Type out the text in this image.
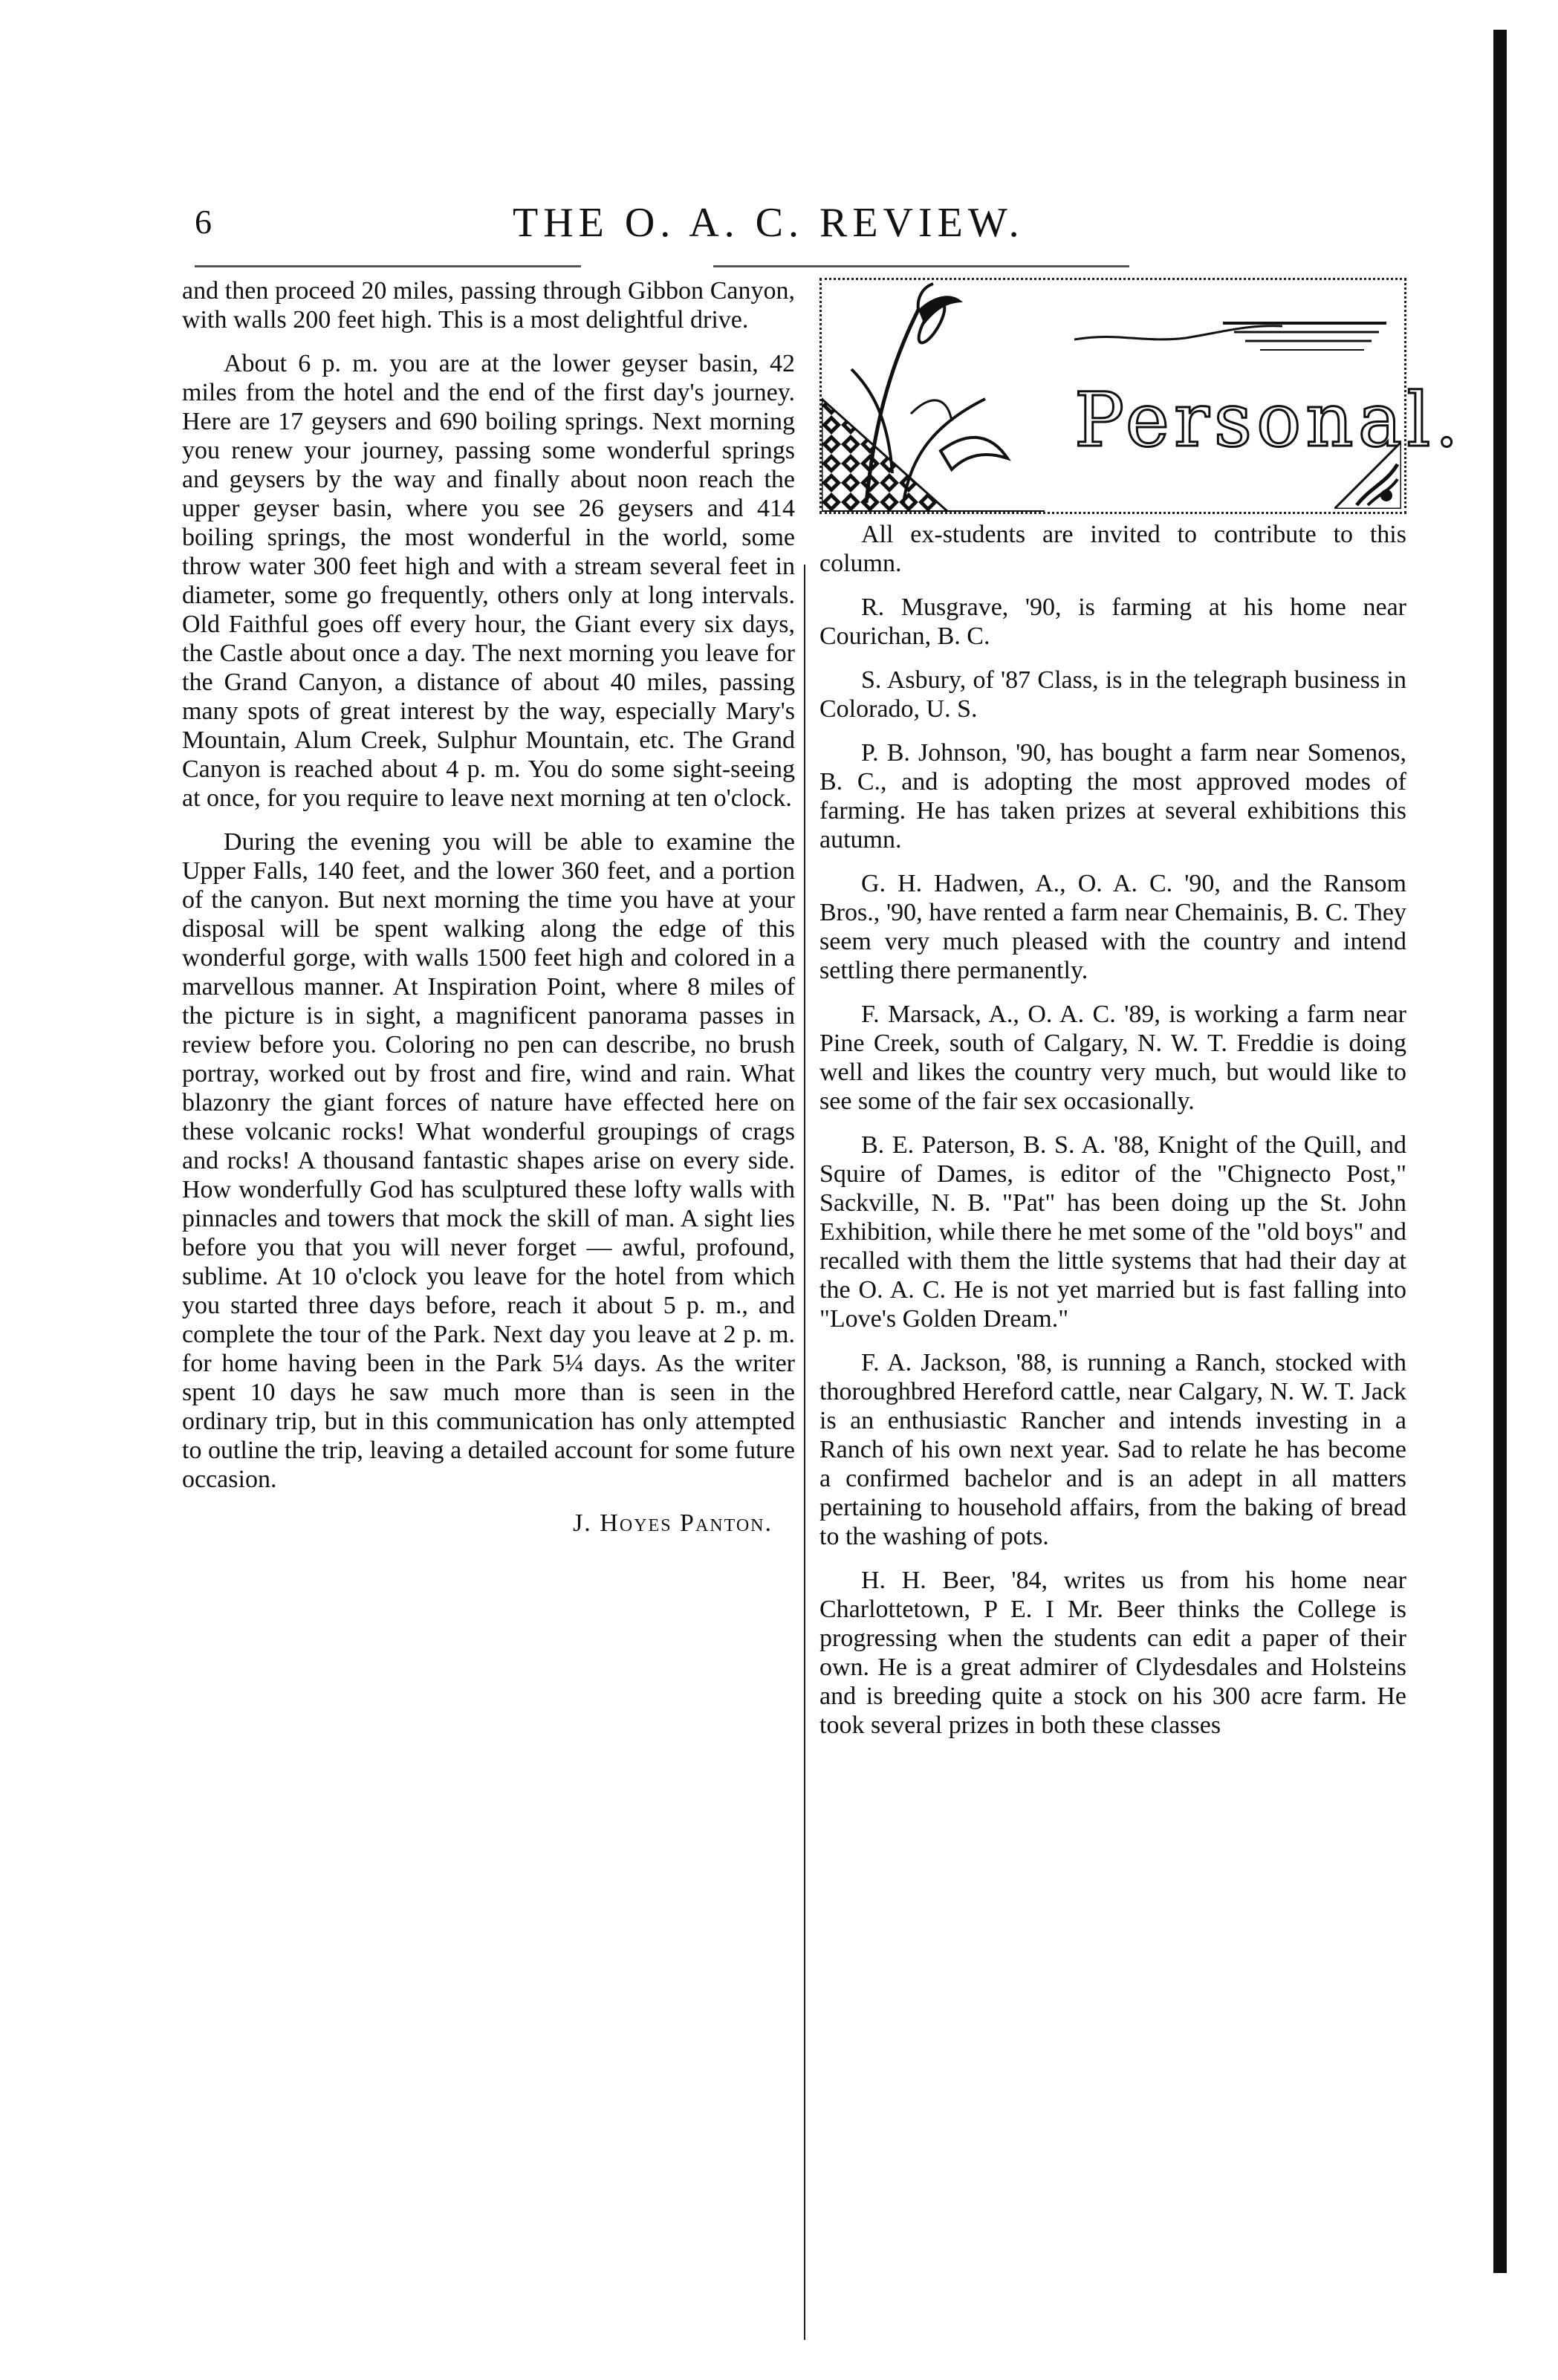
6	THE O. A. C. REVIEW.

and then proceed 20 miles, passing through Gibbon Canyon, with walls 200 feet high. This is a most delightful drive.

About 6 p. m. you are at the lower geyser basin, 42 miles from the hotel and the end of the first day's journey. Here are 17 geysers and 690 boiling springs. Next morning you renew your journey, passing some wonderful springs and geysers by the way and finally about noon reach the upper geyser basin, where you see 26 geysers and 414 boiling springs, the most wonderful in the world, some throw water 300 feet high and with a stream several feet in diameter, some go frequently, others only at long intervals. Old Faithful goes off every hour, the Giant every six days, the Castle about once a day. The next morning you leave for the Grand Canyon, a distance of about 40 miles, passing many spots of great interest by the way, especially Mary's Mountain, Alum Creek, Sulphur Mountain, etc. The Grand Canyon is reached about 4 p. m. You do some sight-seeing at once, for you require to leave next morning at ten o'clock.

During the evening you will be able to examine the Upper Falls, 140 feet, and the lower 360 feet, and a portion of the canyon. But next morning the time you have at your disposal will be spent walking along the edge of this wonderful gorge, with walls 1500 feet high and colored in a marvellous manner. At Inspiration Point, where 8 miles of the picture is in sight, a magnificent panorama passes in review before you. Coloring no pen can describe, no brush portray, worked out by frost and fire, wind and rain. What blazonry the giant forces of nature have effected here on these volcanic rocks! What wonderful groupings of crags and rocks! A thousand fantastic shapes arise on every side. How wonderfully God has sculptured these lofty walls with pinnacles and towers that mock the skill of man. A sight lies before you that you will never forget — awful, profound, sublime. At 10 o'clock you leave for the hotel from which you started three days before, reach it about 5 p. m., and complete the tour of the Park. Next day you leave at 2 p. m. for home having been in the Park 5¼ days. As the writer spent 10 days he saw much more than is seen in the ordinary trip, but in this communication has only attempted to outline the trip, leaving a detailed account for some future occasion.

J. Hoyes Panton.
Personal.

All ex-students are invited to contribute to this column.

R. Musgrave, '90, is farming at his home near Courichan, B. C.

S. Asbury, of '87 Class, is in the telegraph business in Colorado, U. S.

P. B. Johnson, '90, has bought a farm near Somenos, B. C., and is adopting the most approved modes of farming. He has taken prizes at several exhibitions this autumn.

G. H. Hadwen, A., O. A. C. '90, and the Ransom Bros., '90, have rented a farm near Chemainis, B. C. They seem very much pleased with the country and intend settling there permanently.

F. Marsack, A., O. A. C. '89, is working a farm near Pine Creek, south of Calgary, N. W. T. Freddie is doing well and likes the country very much, but would like to see some of the fair sex occasionally.

B. E. Paterson, B. S. A. '88, Knight of the Quill, and Squire of Dames, is editor of the "Chignecto Post," Sackville, N. B. "Pat" has been doing up the St. John Exhibition, while there he met some of the "old boys" and recalled with them the little systems that had their day at the O. A. C. He is not yet married but is fast falling into "Love's Golden Dream."

F. A. Jackson, '88, is running a Ranch, stocked with thoroughbred Hereford cattle, near Calgary, N. W. T. Jack is an enthusiastic Rancher and intends investing in a Ranch of his own next year. Sad to relate he has become a confirmed bachelor and is an adept in all matters pertaining to household affairs, from the baking of bread to the washing of pots.

H. H. Beer, '84, writes us from his home near Charlottetown, P E. I Mr. Beer thinks the College is progressing when the students can edit a paper of their own. He is a great admirer of Clydesdales and Holsteins and is breeding quite a stock on his 300 acre farm. He took several prizes in both these classes
